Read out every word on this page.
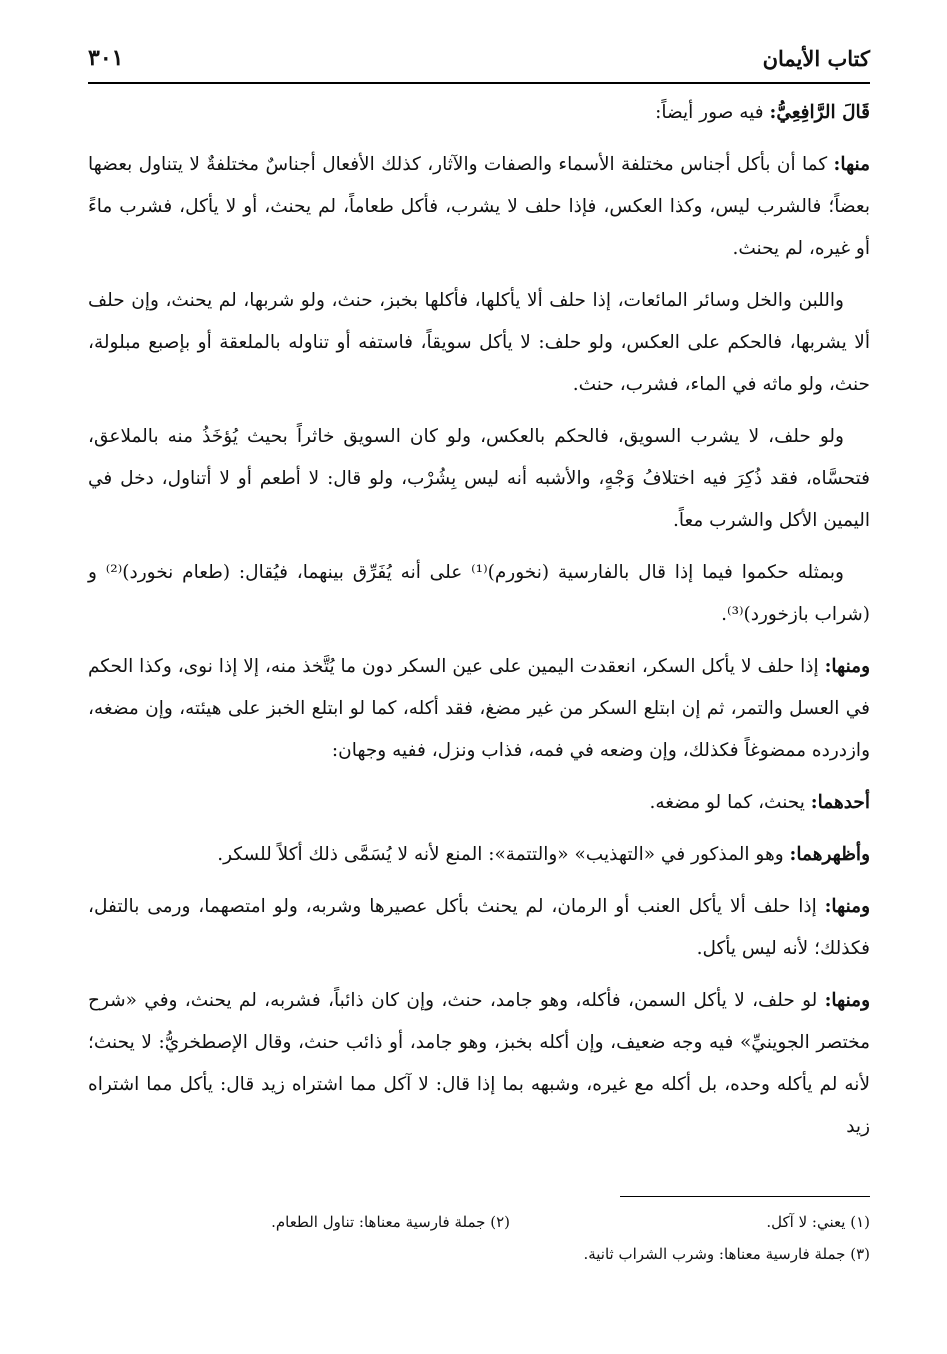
كتاب الأيمان
٣٠١

قَالَ الرَّافِعِيُّ: فيه صور أيضاً:

منها: كما أن بأكل أجناس مختلفة الأسماء والصفات والآثار، كذلك الأفعال أجناسٌ مختلفةٌ لا يتناول بعضها بعضاً؛ فالشرب ليس، وكذا العكس، فإذا حلف لا يشرب، فأكل طعاماً، لم يحنث، أو لا يأكل، فشرب ماءً أو غيره، لم يحنث.

واللبن والخل وسائر المائعات، إذا حلف ألا يأكلها، فأكلها بخبز، حنث، ولو شربها، لم يحنث، وإن حلف ألا يشربها، فالحكم على العكس، ولو حلف: لا يأكل سويقاً، فاستفه أو تناوله بالملعقة أو بإصبع مبلولة، حنث، ولو ماثه في الماء، فشرب، حنث.

ولو حلف، لا يشرب السويق، فالحكم بالعكس، ولو كان السويق خاثراً بحيث يُؤخَذُ منه بالملاعق، فتحسَّاه، فقد ذُكِرَ فيه اختلافُ وَجْهٍ، والأشبه أنه ليس بِشُرْب، ولو قال: لا أطعم أو لا أتناول، دخل في اليمين الأكل والشرب معاً.

وبمثله حكموا فيما إذا قال بالفارسية (نخورم)⁽¹⁾ على أنه يُفَرِّق بينهما، فيُقال: (طعام نخورد)⁽²⁾ و (شراب بازخورد)⁽³⁾.

ومنها: إذا حلف لا يأكل السكر، انعقدت اليمين على عين السكر دون ما يُتَّخذ منه، إلا إذا نوى، وكذا الحكم في العسل والتمر، ثم إن ابتلع السكر من غير مضغ، فقد أكله، كما لو ابتلع الخبز على هيئته، وإن مضغه، وازدرده ممضوغاً فكذلك، وإن وضعه في فمه، فذاب ونزل، ففيه وجهان:

أحدهما: يحنث، كما لو مضغه.

وأظهرهما: وهو المذكور في «التهذيب» «والتتمة»: المنع لأنه لا يُسَمَّى ذلك أكلاً للسكر.

ومنها: إذا حلف ألا يأكل العنب أو الرمان، لم يحنث بأكل عصيرها وشربه، ولو امتصهما، ورمى بالتفل، فكذلك؛ لأنه ليس يأكل.

ومنها: لو حلف، لا يأكل السمن، فأكله، وهو جامد، حنث، وإن كان ذائباً، فشربه، لم يحنث، وفي «شرح مختصر الجوينيِّ» فيه وجه ضعيف، وإن أكله بخبز، وهو جامد، أو ذائب حنث، وقال الإصطخريُّ: لا يحنث؛ لأنه لم يأكله وحده، بل أكله مع غيره، وشبهه بما إذا قال: لا آكل مما اشتراه زيد قال: يأكل مما اشتراه زيد

(١) يعني: لا آكل.
(٢) جملة فارسية معناها: تناول الطعام.
(٣) جملة فارسية معناها: وشرب الشراب ثانية.
